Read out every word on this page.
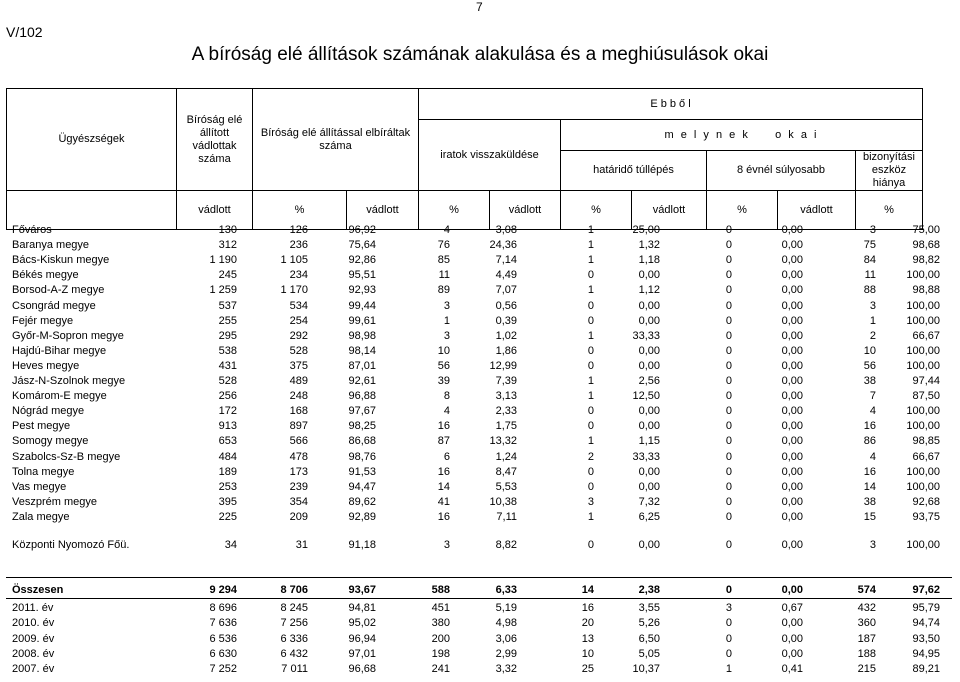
7
V/102
A bíróság elé állítások számának alakulása és a meghiúsulások okai
Ügyészségek	Bíróság elé állított vádlottak száma	Bíróság elé állítással elbíráltak száma		E b b ő l						
				iratok visszaküldése		m e l y n e k     o k a i				
						határidő túllépés		8 évnél súlyosabb		bizonyítási eszköz hiánya
	vádlott	%	vádlott	%	vádlott	%	vádlott	%	vádlott	%
Főváros	130	126	96,92	4	3,08	1	25,00	0	0,00	3	75,00
Baranya megye	312	236	75,64	76	24,36	1	1,32	0	0,00	75	98,68
Bács-Kiskun megye	1 190	1 105	92,86	85	7,14	1	1,18	0	0,00	84	98,82
Békés megye	245	234	95,51	11	4,49	0	0,00	0	0,00	11	100,00
Borsod-A-Z megye	1 259	1 170	92,93	89	7,07	1	1,12	0	0,00	88	98,88
Csongrád megye	537	534	99,44	3	0,56	0	0,00	0	0,00	3	100,00
Fejér megye	255	254	99,61	1	0,39	0	0,00	0	0,00	1	100,00
Győr-M-Sopron megye	295	292	98,98	3	1,02	1	33,33	0	0,00	2	66,67
Hajdú-Bihar megye	538	528	98,14	10	1,86	0	0,00	0	0,00	10	100,00
Heves megye	431	375	87,01	56	12,99	0	0,00	0	0,00	56	100,00
Jász-N-Szolnok megye	528	489	92,61	39	7,39	1	2,56	0	0,00	38	97,44
Komárom-E megye	256	248	96,88	8	3,13	1	12,50	0	0,00	7	87,50
Nógrád megye	172	168	97,67	4	2,33	0	0,00	0	0,00	4	100,00
Pest megye	913	897	98,25	16	1,75	0	0,00	0	0,00	16	100,00
Somogy megye	653	566	86,68	87	13,32	1	1,15	0	0,00	86	98,85
Szabolcs-Sz-B megye	484	478	98,76	6	1,24	2	33,33	0	0,00	4	66,67
Tolna megye	189	173	91,53	16	8,47	0	0,00	0	0,00	16	100,00
Vas megye	253	239	94,47	14	5,53	0	0,00	0	0,00	14	100,00
Veszprém megye	395	354	89,62	41	10,38	3	7,32	0	0,00	38	92,68
Zala megye	225	209	92,89	16	7,11	1	6,25	0	0,00	15	93,75
Központi Nyomozó Főü.	34	31	91,18	3	8,82	0	0,00	0	0,00	3	100,00
Összesen	9 294	8 706	93,67	588	6,33	14	2,38	0	0,00	574	97,62
2011. év	8 696	8 245	94,81	451	5,19	16	3,55	3	0,67	432	95,79
2010. év	7 636	7 256	95,02	380	4,98	20	5,26	0	0,00	360	94,74
2009. év	6 536	6 336	96,94	200	3,06	13	6,50	0	0,00	187	93,50
2008. év	6 630	6 432	97,01	198	2,99	10	5,05	0	0,00	188	94,95
2007. év	7 252	7 011	96,68	241	3,32	25	10,37	1	0,41	215	89,21
